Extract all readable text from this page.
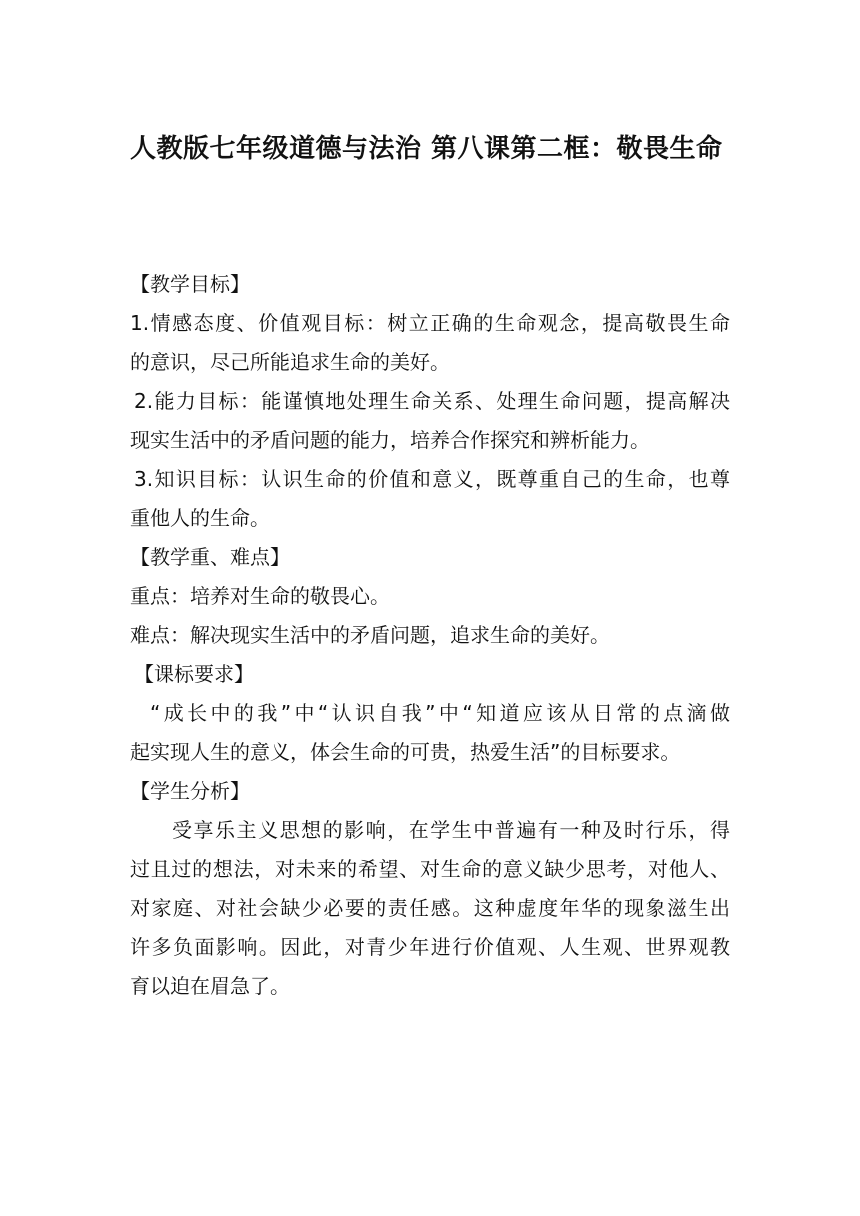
人教版七年级道德与法治 第八课第二框：敬畏生命
【教学目标】
1.情感态度、价值观目标：树立正确的生命观念，提高敬畏生命
的意识，尽己所能追求生命的美好。
2.能力目标：能谨慎地处理生命关系、处理生命问题，提高解决
现实生活中的矛盾问题的能力，培养合作探究和辨析能力。
3.知识目标：认识生命的价值和意义，既尊重自己的生命，也尊
重他人的生命。
【教学重、难点】
重点：培养对生命的敬畏心。
难点：解决现实生活中的矛盾问题，追求生命的美好。
【课标要求】
“成长中的我”中“认识自我”中“知道应该从日常的点滴做
起实现人生的意义，体会生命的可贵，热爱生活”的目标要求。
【学生分析】
受享乐主义思想的影响，在学生中普遍有一种及时行乐，得
过且过的想法，对未来的希望、对生命的意义缺少思考，对他人、
对家庭、对社会缺少必要的责任感。这种虚度年华的现象滋生出
许多负面影响。因此，对青少年进行价值观、人生观、世界观教
育以迫在眉急了。
